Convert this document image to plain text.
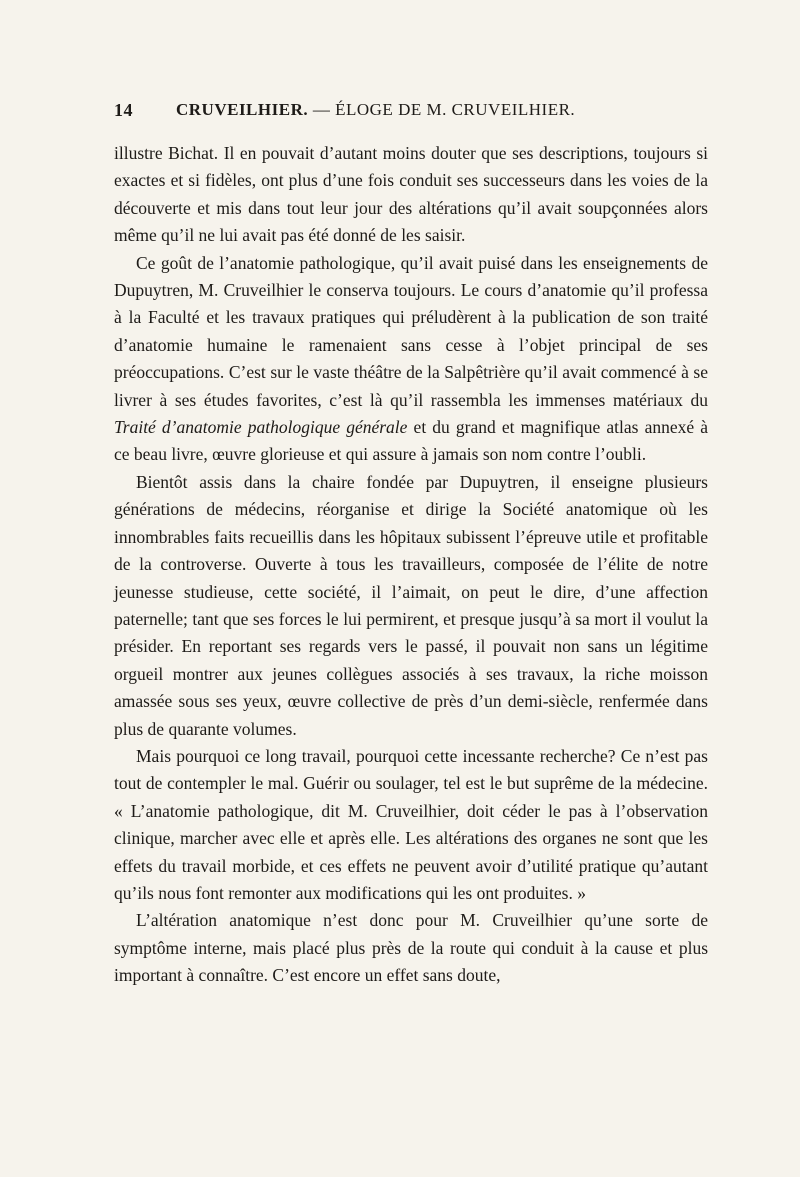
14	CRUVEILHIER. — ÉLOGE DE M. CRUVEILHIER.

illustre Bichat. Il en pouvait d’autant moins douter que ses descriptions, toujours si exactes et si fidèles, ont plus d’une fois conduit ses successeurs dans les voies de la découverte et mis dans tout leur jour des altérations qu’il avait soupçonnées alors même qu’il ne lui avait pas été donné de les saisir.

Ce goût de l’anatomie pathologique, qu’il avait puisé dans les enseignements de Dupuytren, M. Cruveilhier le conserva toujours. Le cours d’anatomie qu’il professa à la Faculté et les travaux pratiques qui préludèrent à la publication de son traité d’anatomie humaine le ramenaient sans cesse à l’objet principal de ses préoccupations. C’est sur le vaste théâtre de la Salpêtrière qu’il avait commencé à se livrer à ses études favorites, c’est là qu’il rassembla les immenses matériaux du Traité d’anatomie pathologique générale et du grand et magnifique atlas annexé à ce beau livre, œuvre glorieuse et qui assure à jamais son nom contre l’oubli.

Bientôt assis dans la chaire fondée par Dupuytren, il enseigne plusieurs générations de médecins, réorganise et dirige la Société anatomique où les innombrables faits recueillis dans les hôpitaux subissent l’épreuve utile et profitable de la controverse. Ouverte à tous les travailleurs, composée de l’élite de notre jeunesse studieuse, cette société, il l’aimait, on peut le dire, d’une affection paternelle; tant que ses forces le lui permirent, et presque jusqu’à sa mort il voulut la présider. En reportant ses regards vers le passé, il pouvait non sans un légitime orgueil montrer aux jeunes collègues associés à ses travaux, la riche moisson amassée sous ses yeux, œuvre collective de près d’un demi-siècle, renfermée dans plus de quarante volumes.

Mais pourquoi ce long travail, pourquoi cette incessante recherche? Ce n’est pas tout de contempler le mal. Guérir ou soulager, tel est le but suprême de la médecine. « L’anatomie pathologique, dit M. Cruveilhier, doit céder le pas à l’observation clinique, marcher avec elle et après elle. Les altérations des organes ne sont que les effets du travail morbide, et ces effets ne peuvent avoir d’utilité pratique qu’autant qu’ils nous font remonter aux modifications qui les ont produites. »

L’altération anatomique n’est donc pour M. Cruveilhier qu’une sorte de symptôme interne, mais placé plus près de la route qui conduit à la cause et plus important à connaître. C’est encore un effet sans doute,
